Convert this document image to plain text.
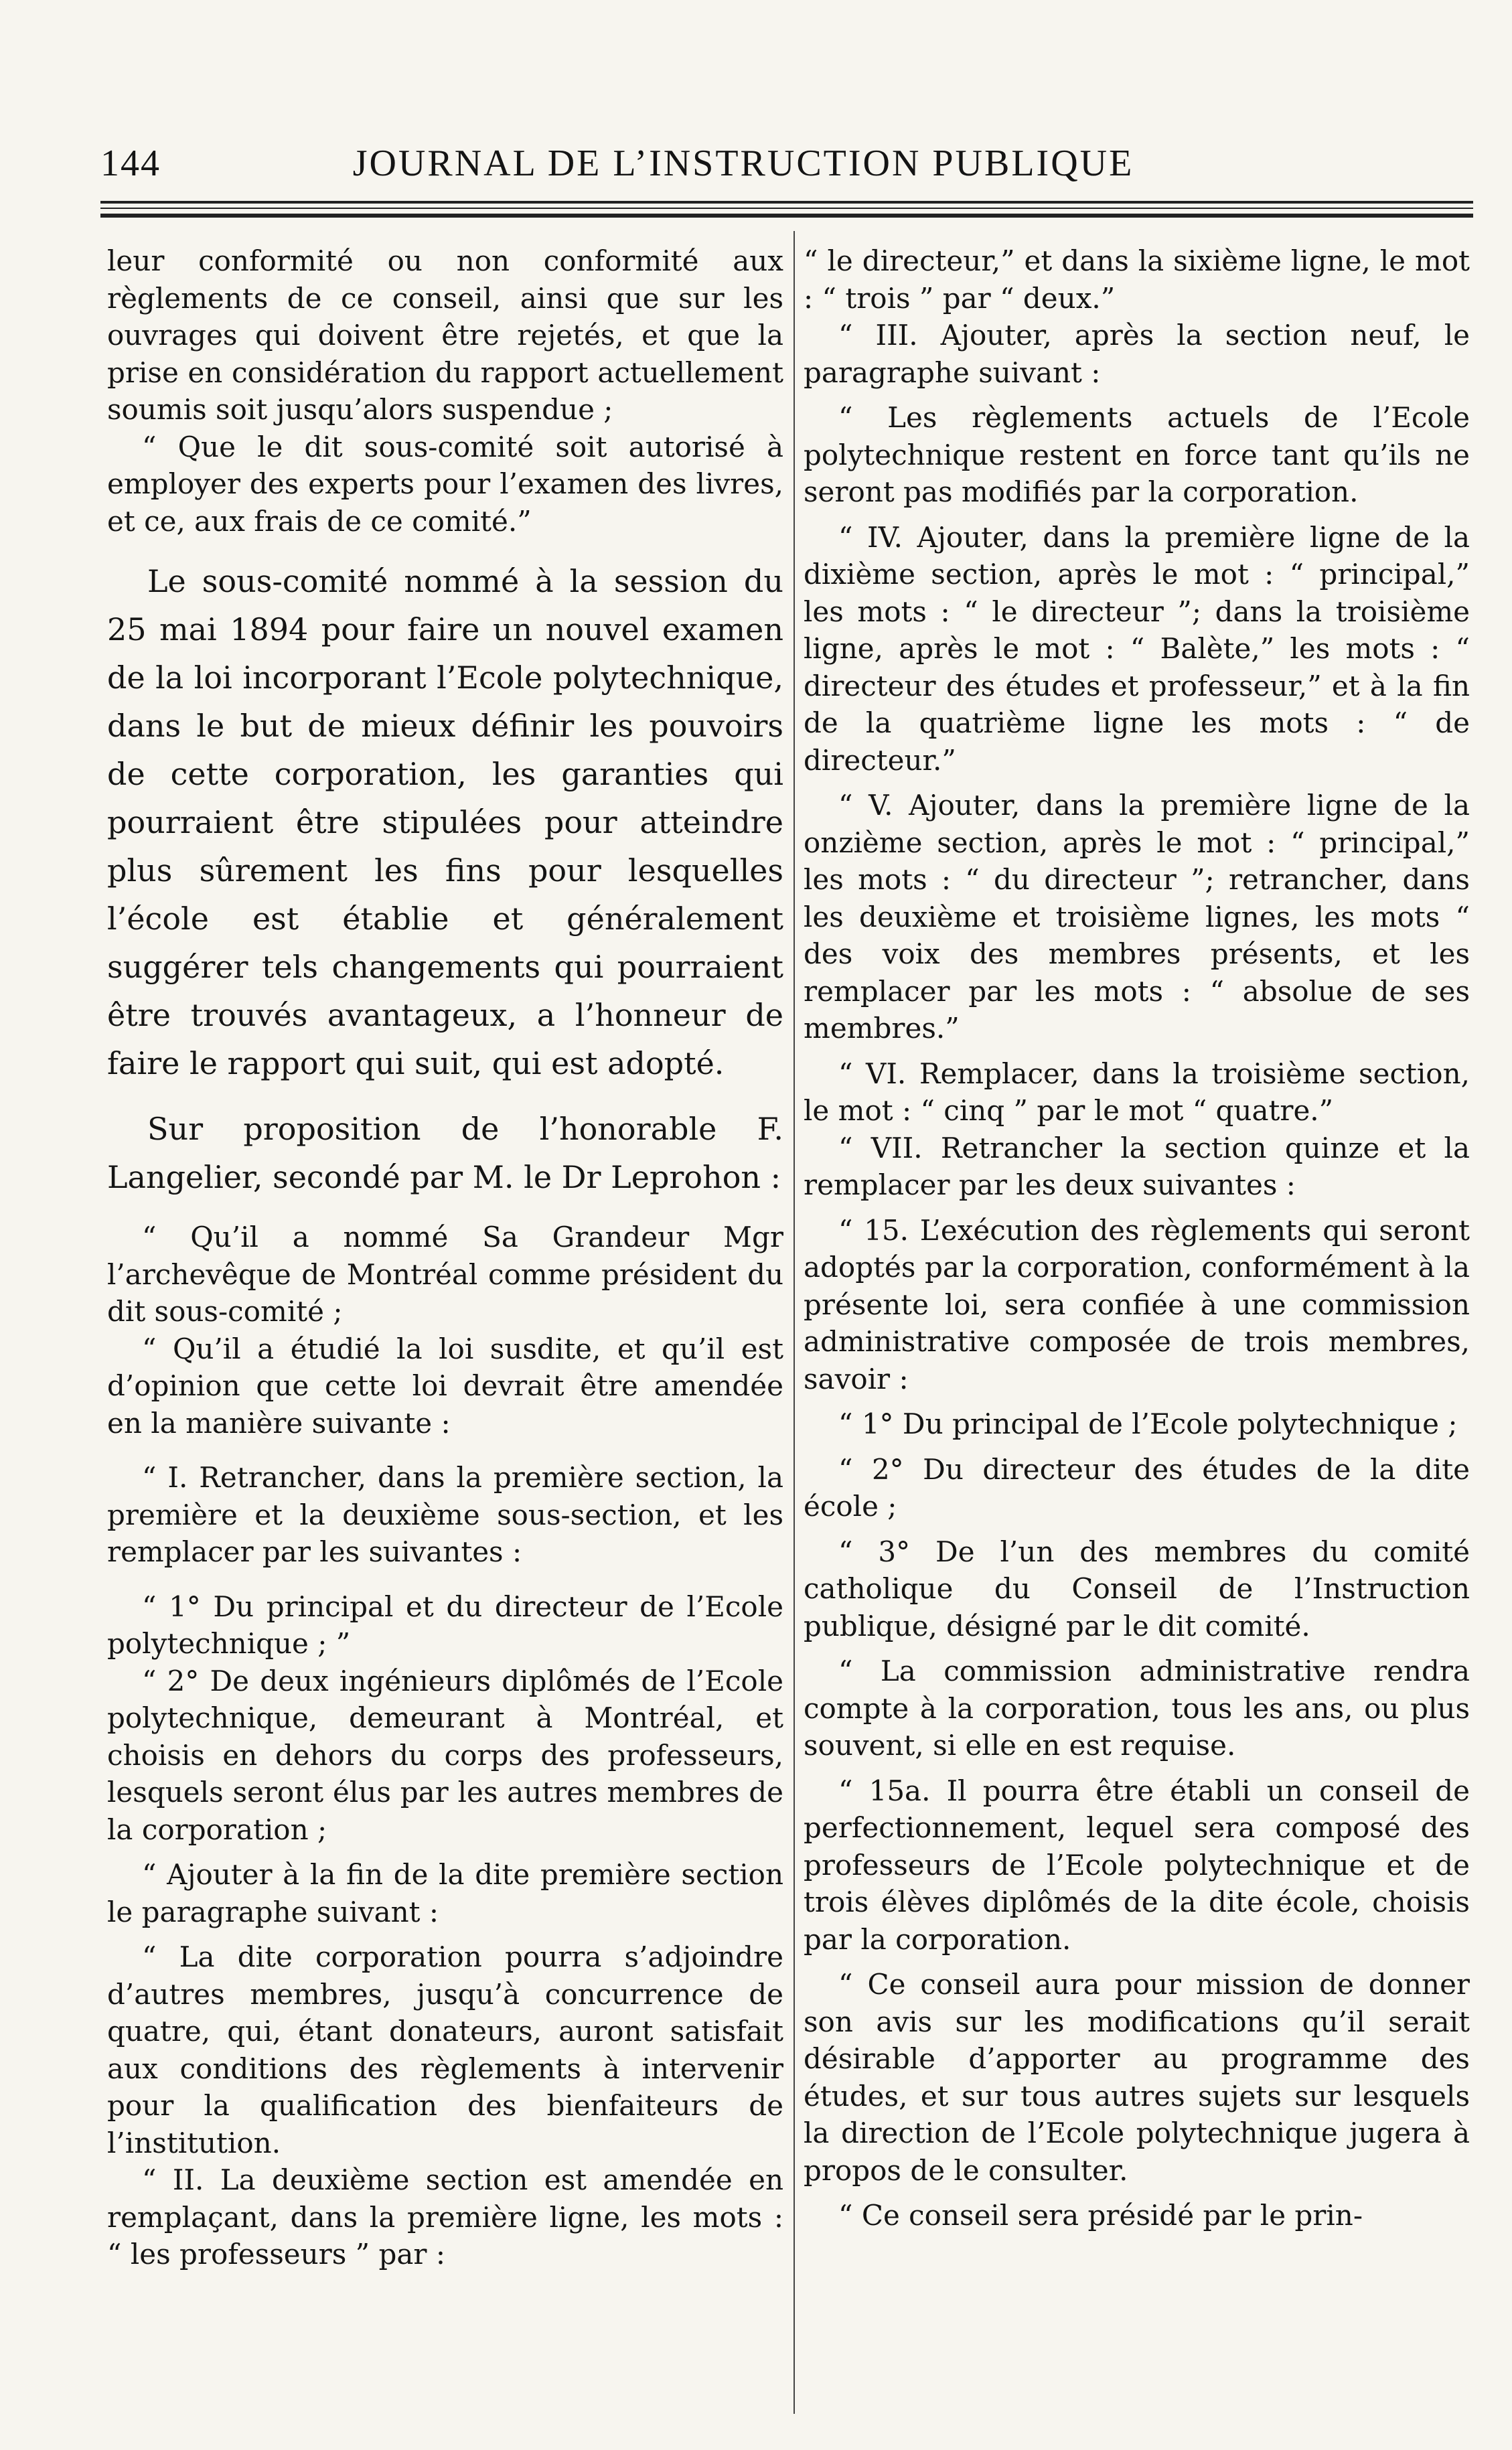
144	JOURNAL DE L’INSTRUCTION PUBLIQUE

leur conformité ou non conformité aux règlements de ce conseil, ainsi que sur les ouvrages qui doivent être rejetés, et que la prise en considération du rapport actuellement soumis soit jusqu’alors suspendue ;

“ Que le dit sous-comité soit autorisé à employer des experts pour l’examen des livres, et ce, aux frais de ce comité.”

Le sous-comité nommé à la session du 25 mai 1894 pour faire un nouvel examen de la loi incorporant l’Ecole polytechnique, dans le but de mieux définir les pouvoirs de cette corporation, les garanties qui pourraient être stipulées pour atteindre plus sûrement les fins pour lesquelles l’école est établie et généralement suggérer tels changements qui pourraient être trouvés avantageux, a l’honneur de faire le rapport qui suit, qui est adopté.

Sur proposition de l’honorable F. Langelier, secondé par M. le Dr Leprohon :

“ Qu’il a nommé Sa Grandeur Mgr l’archevêque de Montréal comme président du dit sous-comité ;

“ Qu’il a étudié la loi susdite, et qu’il est d’opinion que cette loi devrait être amendée en la manière suivante :

“ I. Retrancher, dans la première section, la première et la deuxième sous-section, et les remplacer par les suivantes :

“ 1° Du principal et du directeur de l’Ecole polytechnique ; ”

“ 2° De deux ingénieurs diplômés de l’Ecole polytechnique, demeurant à Montréal, et choisis en dehors du corps des professeurs, lesquels seront élus par les autres membres de la corporation ;

“ Ajouter à la fin de la dite première section le paragraphe suivant :

“ La dite corporation pourra s’adjoindre d’autres membres, jusqu’à concurrence de quatre, qui, étant donateurs, auront satisfait aux conditions des règlements à intervenir pour la qualification des bienfaiteurs de l’institution.

“ II. La deuxième section est amendée en remplaçant, dans la première ligne, les mots : “ les professeurs ” par :

“ le directeur,” et dans la sixième ligne, le mot : “ trois ” par “ deux.”

“ III. Ajouter, après la section neuf, le paragraphe suivant :

“ Les règlements actuels de l’Ecole polytechnique restent en force tant qu’ils ne seront pas modifiés par la corporation.

“ IV. Ajouter, dans la première ligne de la dixième section, après le mot : “ principal,” les mots : “ le directeur ”; dans la troisième ligne, après le mot : “ Balète,” les mots : “ directeur des études et professeur,” et à la fin de la quatrième ligne les mots : “ de directeur.”

“ V. Ajouter, dans la première ligne de la onzième section, après le mot : “ principal,” les mots : “ du directeur ”; retrancher, dans les deuxième et troisième lignes, les mots “ des voix des membres présents, et les remplacer par les mots : “ absolue de ses membres.”

“ VI. Remplacer, dans la troisième section, le mot : “ cinq ” par le mot “ quatre.”

“ VII. Retrancher la section quinze et la remplacer par les deux suivantes :

“ 15. L’exécution des règlements qui seront adoptés par la corporation, conformément à la présente loi, sera confiée à une commission administrative composée de trois membres, savoir :

“ 1° Du principal de l’Ecole polytechnique ;

“ 2° Du directeur des études de la dite école ;

“ 3° De l’un des membres du comité catholique du Conseil de l’Instruction publique, désigné par le dit comité.

“ La commission administrative rendra compte à la corporation, tous les ans, ou plus souvent, si elle en est requise.

“ 15a. Il pourra être établi un conseil de perfectionnement, lequel sera composé des professeurs de l’Ecole polytechnique et de trois élèves diplômés de la dite école, choisis par la corporation.

“ Ce conseil aura pour mission de donner son avis sur les modifications qu’il serait désirable d’apporter au programme des études, et sur tous autres sujets sur lesquels la direction de l’Ecole polytechnique jugera à propos de le consulter.

“ Ce conseil sera présidé par le prin-
